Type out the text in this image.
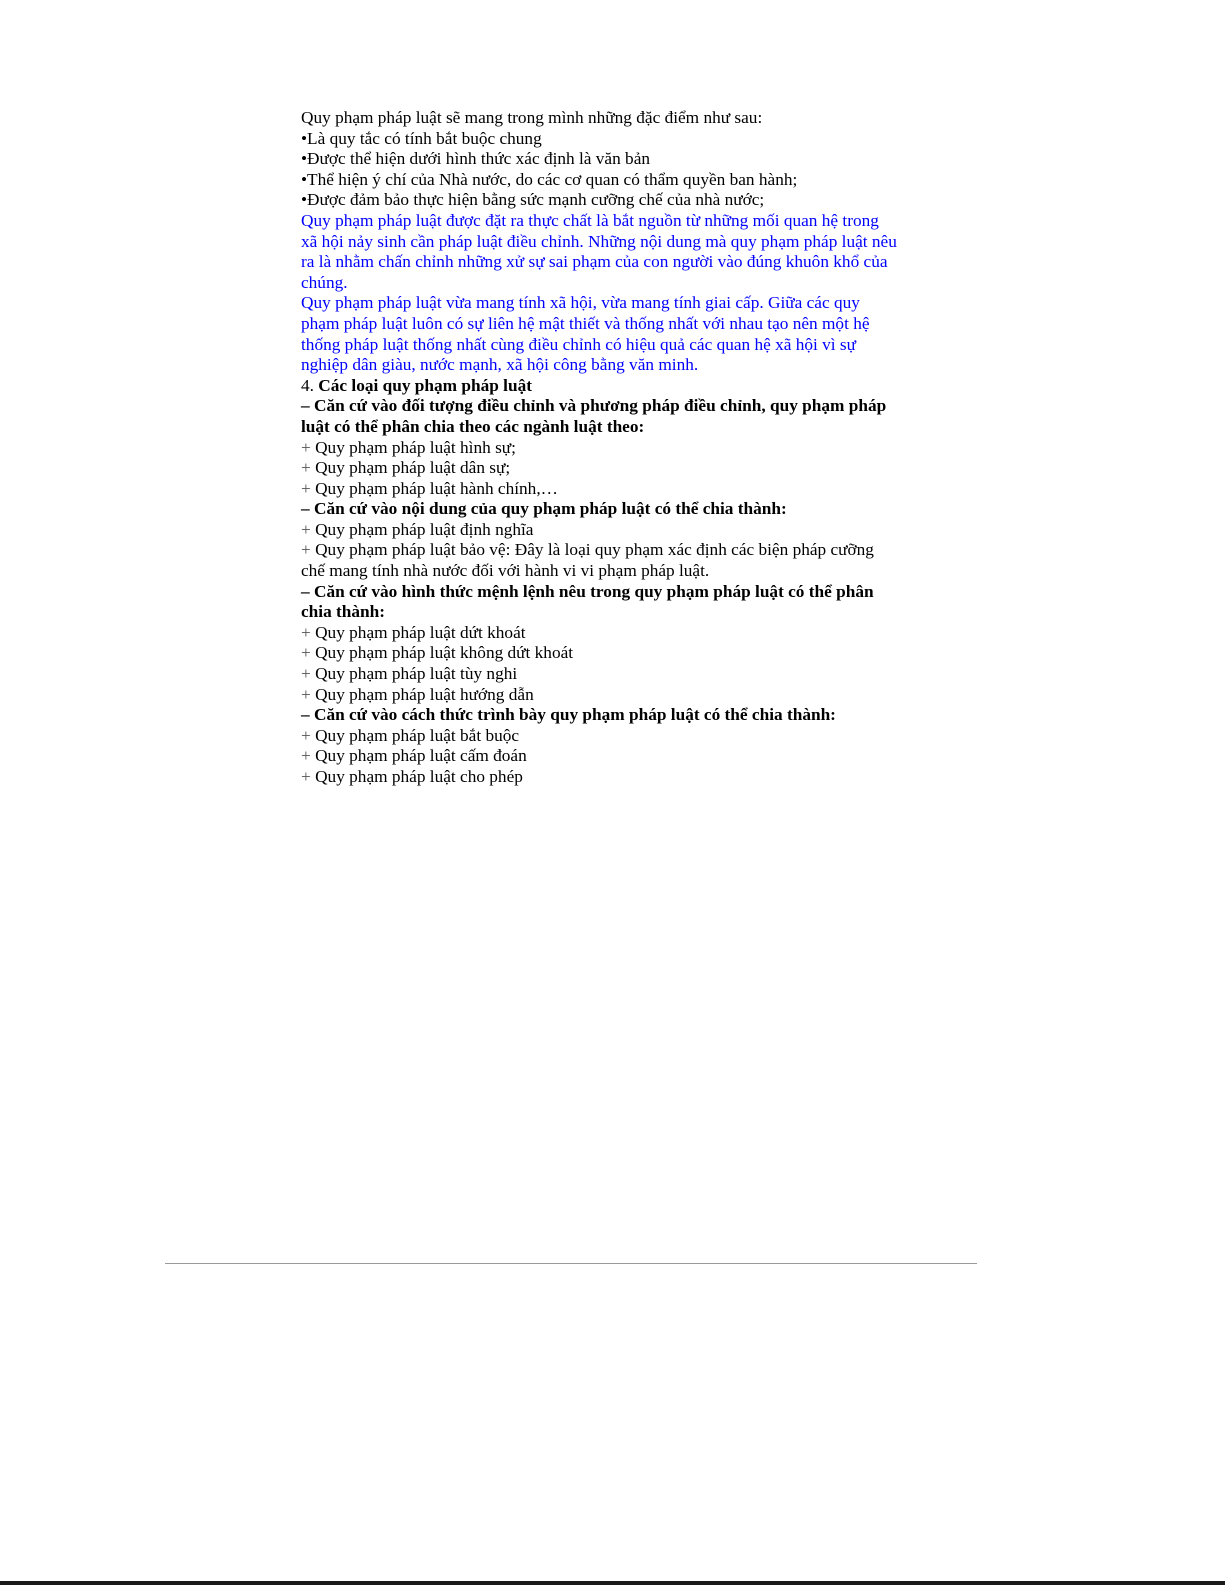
Quy phạm pháp luật sẽ mang trong mình những đặc điểm như sau:

•Là quy tắc có tính bắt buộc chung

•Được thể hiện dưới hình thức xác định là văn bản

•Thể hiện ý chí của Nhà nước, do các cơ quan có thẩm quyền ban hành;

•Được đảm bảo thực hiện bằng sức mạnh cưỡng chế của nhà nước;

Quy phạm pháp luật được đặt ra thực chất là bắt nguồn từ những mối quan hệ trong

xã hội nảy sinh cần pháp luật điều chỉnh. Những nội dung mà quy phạm pháp luật nêu

ra là nhằm chấn chỉnh những xử sự sai phạm của con người vào đúng khuôn khổ của

chúng.

Quy phạm pháp luật vừa mang tính xã hội, vừa mang tính giai cấp. Giữa các quy

phạm pháp luật luôn có sự liên hệ mật thiết và thống nhất với nhau tạo nên một hệ

thống pháp luật thống nhất cùng điều chỉnh có hiệu quả các quan hệ xã hội vì sự

nghiệp dân giàu, nước mạnh, xã hội công bằng văn minh.

4. Các loại quy phạm pháp luật

– Căn cứ vào đối tượng điều chỉnh và phương pháp điều chỉnh, quy phạm pháp

luật có thể phân chia theo các ngành luật theo:

+ Quy phạm pháp luật hình sự;

+ Quy phạm pháp luật dân sự;

+ Quy phạm pháp luật hành chính,…

– Căn cứ vào nội dung của quy phạm pháp luật có thể chia thành:

+ Quy phạm pháp luật định nghĩa

+ Quy phạm pháp luật bảo vệ: Đây là loại quy phạm xác định các biện pháp cưỡng

chế mang tính nhà nước đối với hành vi vi phạm pháp luật.

– Căn cứ vào hình thức mệnh lệnh nêu trong quy phạm pháp luật có thể phân

chia thành:

+ Quy phạm pháp luật dứt khoát

+ Quy phạm pháp luật không dứt khoát

+ Quy phạm pháp luật tùy nghi

+ Quy phạm pháp luật hướng dẫn

– Căn cứ vào cách thức trình bày quy phạm pháp luật có thể chia thành:

+ Quy phạm pháp luật bắt buộc

+ Quy phạm pháp luật cấm đoán

+ Quy phạm pháp luật cho phép
